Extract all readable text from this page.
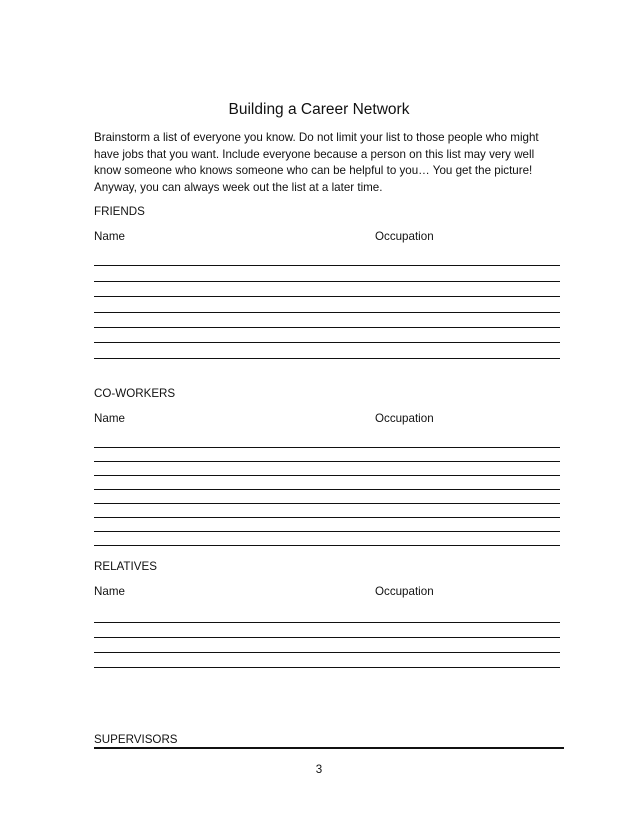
Building a Career Network
Brainstorm a list of everyone you know. Do not limit your list to those people who might have jobs that you want. Include everyone because a person on this list may very well know someone who knows someone who can be helpful to you… You get the picture! Anyway, you can always week out the list at a later time.
FRIENDS
Name	Occupation
CO-WORKERS
Name	Occupation
RELATIVES
Name	Occupation
SUPERVISORS
3
